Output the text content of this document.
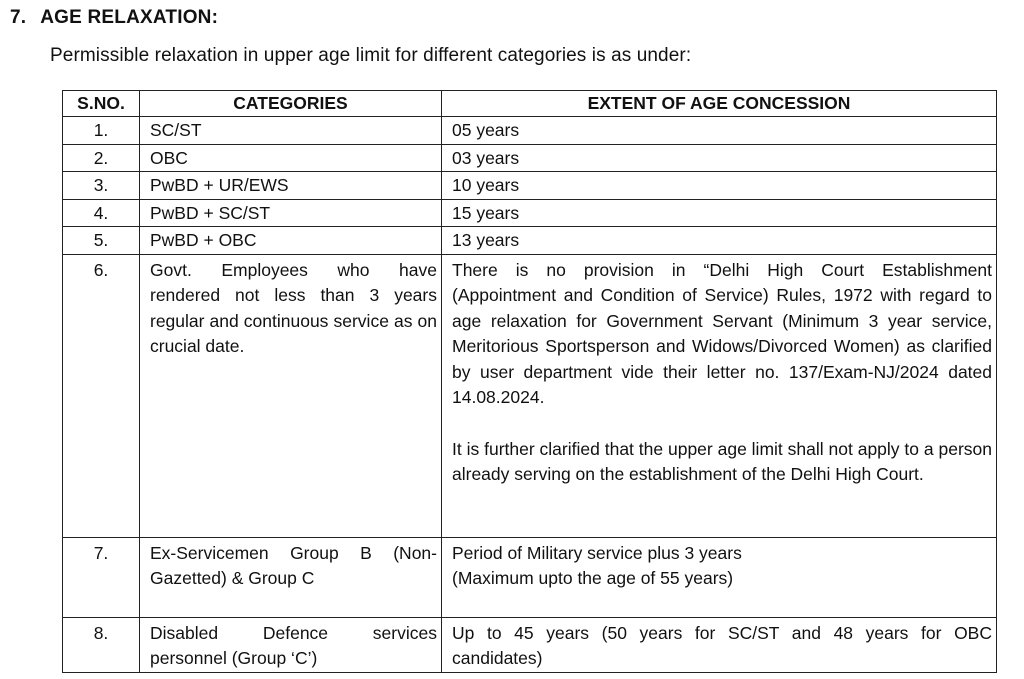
7. AGE RELAXATION:
Permissible relaxation in upper age limit for different categories is as under:
S.NO.	CATEGORIES	EXTENT OF AGE CONCESSION
1.	SC/ST	05 years
2.	OBC	03 years
3.	PwBD + UR/EWS	10 years
4.	PwBD + SC/ST	15 years
5.	PwBD + OBC	13 years
6.	Govt. Employees who have rendered not less than 3 years regular and continuous service as on crucial date.	There is no provision in “Delhi High Court Establishment (Appointment and Condition of Service) Rules, 1972 with regard to age relaxation for Government Servant (Minimum 3 year service, Meritorious Sportsperson and Widows/Divorced Women) as clarified by user department vide their letter no. 137/Exam-NJ/2024 dated 14.08.2024.
It is further clarified that the upper age limit shall not apply to a person already serving on the establishment of the Delhi High Court.

7.	Ex-Servicemen Group B (Non-Gazetted) & Group C	Period of Military service plus 3 years
(Maximum upto the age of 55 years)

8.	Disabled Defence services personnel (Group ‘C’)	Up to 45 years (50 years for SC/ST and 48 years for OBC candidates)
